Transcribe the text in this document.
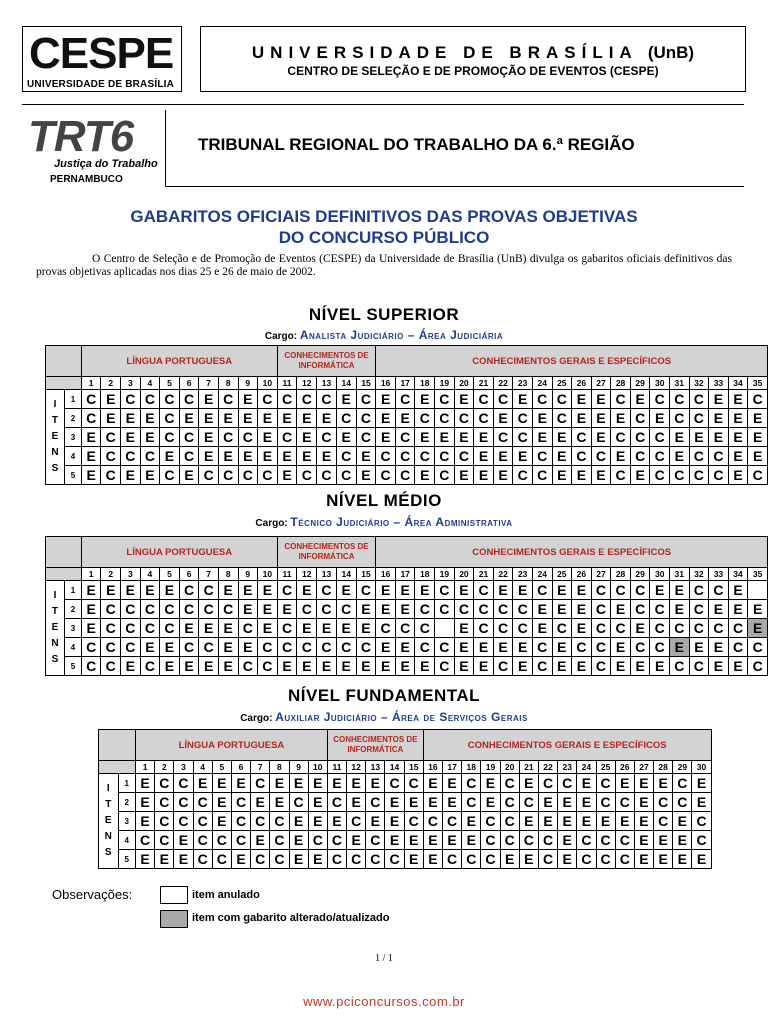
CESPE
UNIVERSIDADE DE BRASÍLIA
UNIVERSIDADE DE BRASÍLIA (UnB)
CENTRO DE SELEÇÃO E DE PROMOÇÃO DE EVENTOS (CESPE)
TRT6
Justiça do Trabalho
PERNAMBUCO
TRIBUNAL REGIONAL DO TRABALHO DA 6.ª REGIÃO
GABARITOS OFICIAIS DEFINITIVOS DAS PROVAS OBJETIVAS
DO CONCURSO PÚBLICO
O Centro de Seleção e de Promoção de Eventos (CESPE) da Universidade de Brasília (UnB) divulga os gabaritos oficiais definitivos das provas objetivas aplicadas nos dias 25 e 26 de maio de 2002.
NÍVEL SUPERIOR
Cargo: Analista Judiciário – Área Judiciária
		LÍNGUA PORTUGUESA										CONHECIMENTOS DE INFORMÁTICA					CONHECIMENTOS GERAIS E ESPECÍFICOS																			
		1	2	3	4	5	6	7	8	9	10	11	12	13	14	15	16	17	18	19	20	21	22	23	24	25	26	27	28	29	30	31	32	33	34	35

I
T
E
N
S	1	C	E	C	C	C	C	E	C	E	C	C	C	C	E	C	E	C	E	C	E	C	C	E	C	C	E	E	C	E	C	C	C	E	E	C
	2	C	E	E	E	C	E	E	E	E	E	E	E	E	C	C	E	E	C	C	C	C	E	C	E	C	E	E	E	C	E	C	C	E	E	E
	3	E	C	E	E	C	C	E	C	C	E	C	E	C	E	C	E	C	E	E	E	E	C	C	E	E	C	E	C	C	C	E	E	E	E	E
	4	E	C	C	C	E	C	E	E	E	E	E	E	E	C	E	C	C	C	C	C	E	E	E	C	E	C	C	E	C	C	E	C	C	E	E
	5	E	C	E	E	C	E	C	C	C	C	E	C	C	C	E	C	C	E	C	E	E	E	C	C	E	E	E	C	E	C	C	C	C	E	C
NÍVEL MÉDIO
Cargo: Técnico Judiciário – Área Administrativa
		LÍNGUA PORTUGUESA										CONHECIMENTOS DE INFORMÁTICA					CONHECIMENTOS GERAIS E ESPECÍFICOS																			
		1	2	3	4	5	6	7	8	9	10	11	12	13	14	15	16	17	18	19	20	21	22	23	24	25	26	27	28	29	30	31	32	33	34	35

I
T
E
N
S	1	E	E	E	E	E	C	C	E	E	E	C	E	C	E	C	E	E	E	C	E	C	E	E	C	E	E	C	C	C	E	E	C	C	E	
	2	E	C	C	C	C	C	C	C	E	E	E	C	C	C	E	E	E	C	C	C	C	C	C	E	E	E	C	E	C	C	E	C	E	E	E
	3	E	C	C	C	C	E	E	E	C	E	C	E	E	E	E	C	C	C		E	C	C	C	E	C	E	C	C	E	C	C	C	C	C	E
	4	C	C	C	E	E	C	C	E	E	C	C	C	C	C	C	E	E	C	C	E	E	E	E	C	E	C	C	E	C	C	E	E	E	C	C
	5	C	C	E	C	E	E	E	E	C	C	E	E	E	E	E	E	E	E	C	E	E	C	E	C	E	E	C	E	E	E	C	C	E	E	C
NÍVEL FUNDAMENTAL
Cargo: Auxiliar Judiciário – Área de Serviços Gerais
		LÍNGUA PORTUGUESA										CONHECIMENTOS DE INFORMÁTICA					CONHECIMENTOS GERAIS E ESPECÍFICOS														
		1	2	3	4	5	6	7	8	9	10	11	12	13	14	15	16	17	18	19	20	21	22	23	24	25	26	27	28	29	30

I
T
E
N
S	1	E	C	C	E	E	E	C	E	E	E	E	E	E	C	C	E	E	C	E	C	E	C	C	E	C	E	E	E	C	E
	2	E	C	C	C	E	C	E	E	C	E	C	E	C	E	E	E	E	C	E	C	C	E	E	E	C	C	E	C	C	E
	3	E	C	C	C	E	C	C	C	E	E	E	C	E	E	C	C	C	E	C	C	E	E	E	E	E	E	E	C	E	C
	4	C	C	E	C	C	C	E	C	E	C	C	E	C	E	E	E	E	E	C	C	C	C	E	C	C	C	E	E	E	C
	5	E	E	E	C	C	E	C	C	E	E	C	C	C	C	E	E	C	C	C	E	E	C	E	C	C	C	E	E	E	E
Observações:	item anulado
item com gabarito alterado/atualizado
1 / 1
www.pciconcursos.com.br
